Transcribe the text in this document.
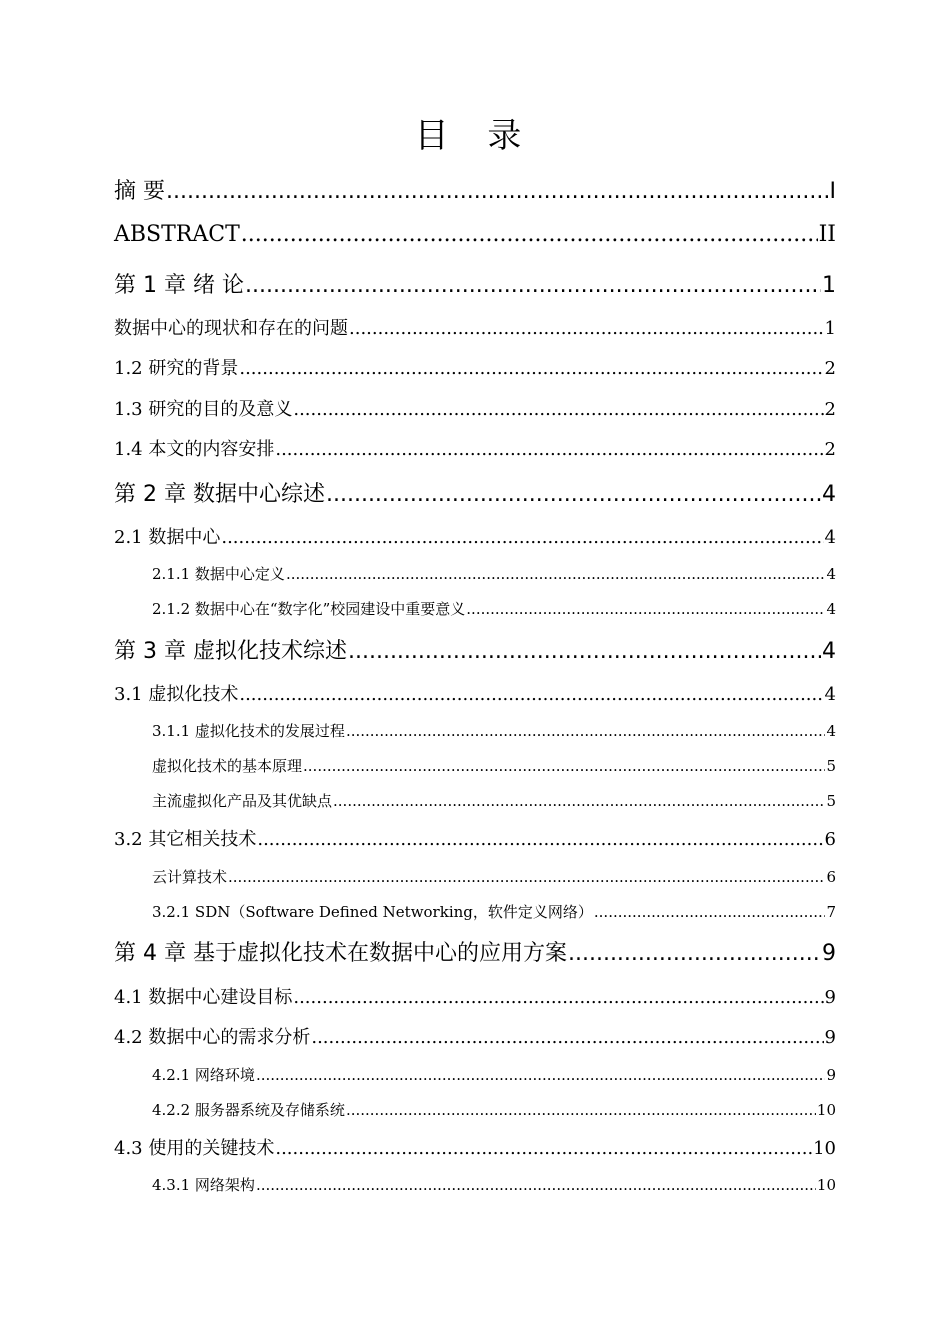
目 录
摘 要 .....	I
ABSTRACT .....	II
第 1 章 绪 论 .....	1
数据中心的现状和存在的问题 .....	1
1.2 研究的背景 .....	2
1.3 研究的目的及意义 .....	2
1.4 本文的内容安排 .....	2
第 2 章 数据中心综述 .....	4
2.1 数据中心 .....	4
2.1.1 数据中心定义 .....	4
2.1.2 数据中心在“数字化”校园建设中重要意义 .....	4
第 3 章 虚拟化技术综述 .....	4
3.1 虚拟化技术 .....	4
3.1.1 虚拟化技术的发展过程 .....	4
虚拟化技术的基本原理 .....	5
主流虚拟化产品及其优缺点 .....	5
3.2 其它相关技术 .....	6
云计算技术 .....	6
3.2.1 SDN（Software Defined Networking，软件定义网络） .....	7
第 4 章 基于虚拟化技术在数据中心的应用方案 .....	9
4.1 数据中心建设目标 .....	9
4.2 数据中心的需求分析 .....	9
4.2.1 网络环境 .....	9
4.2.2 服务器系统及存储系统 .....	10
4.3 使用的关键技术 .....	10
4.3.1 网络架构 .....	10
